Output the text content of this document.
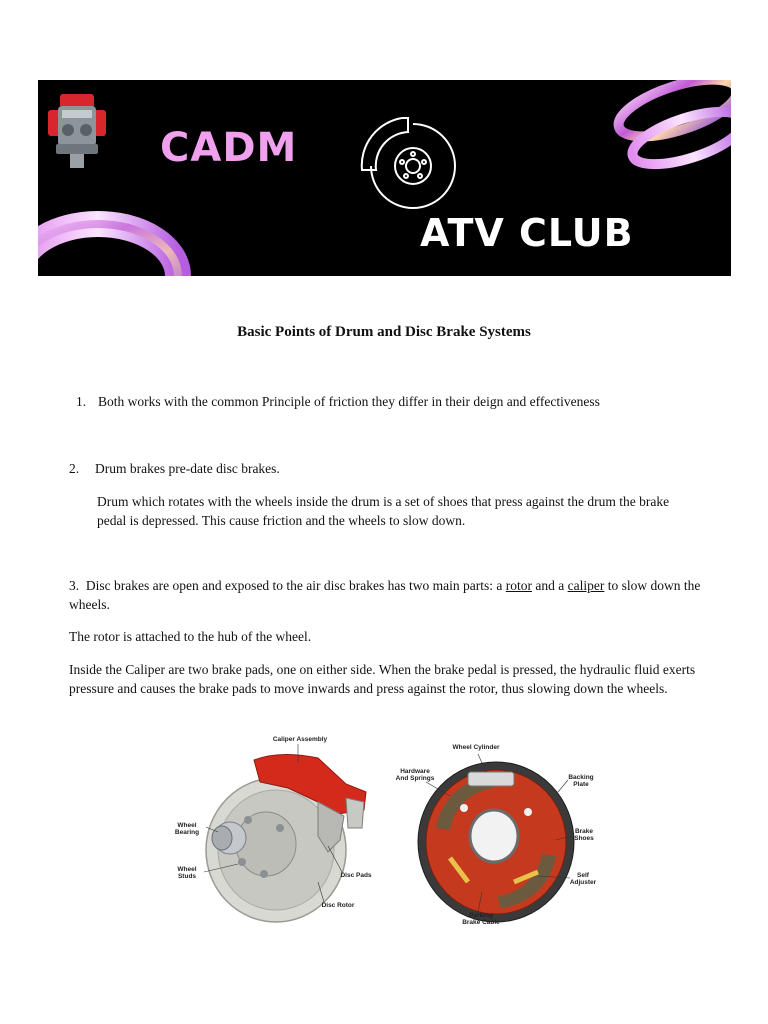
CADM
ATV CLUB
Basic Points of Drum and Disc Brake Systems

1. Both works with the common Principle of friction they differ in their deign and effectiveness

2. Drum brakes pre-date disc brakes.

Drum which rotates with the wheels inside the drum is a set of shoes that press against the drum the brake pedal is depressed. This cause friction and the wheels to slow down.

3. Disc brakes are open and exposed to the air disc brakes has two main parts: a rotor and a caliper to slow down the wheels.

The rotor is attached to the hub of the wheel.

Inside the Caliper are two brake pads, one on either side. When the brake pedal is pressed, the hydraulic fluid exerts pressure and causes the brake pads to move inwards and press against the rotor, thus slowing down the wheels.

Caliper Assembly
Wheel
Bearing
Wheel
Studs	Disc Pads
Disc Rotor
Wheel Cylinder
Hardware
And Springs	Backing
Plate
Brake
Shoes
Self
Adjuster
Parking
Brake Cable
